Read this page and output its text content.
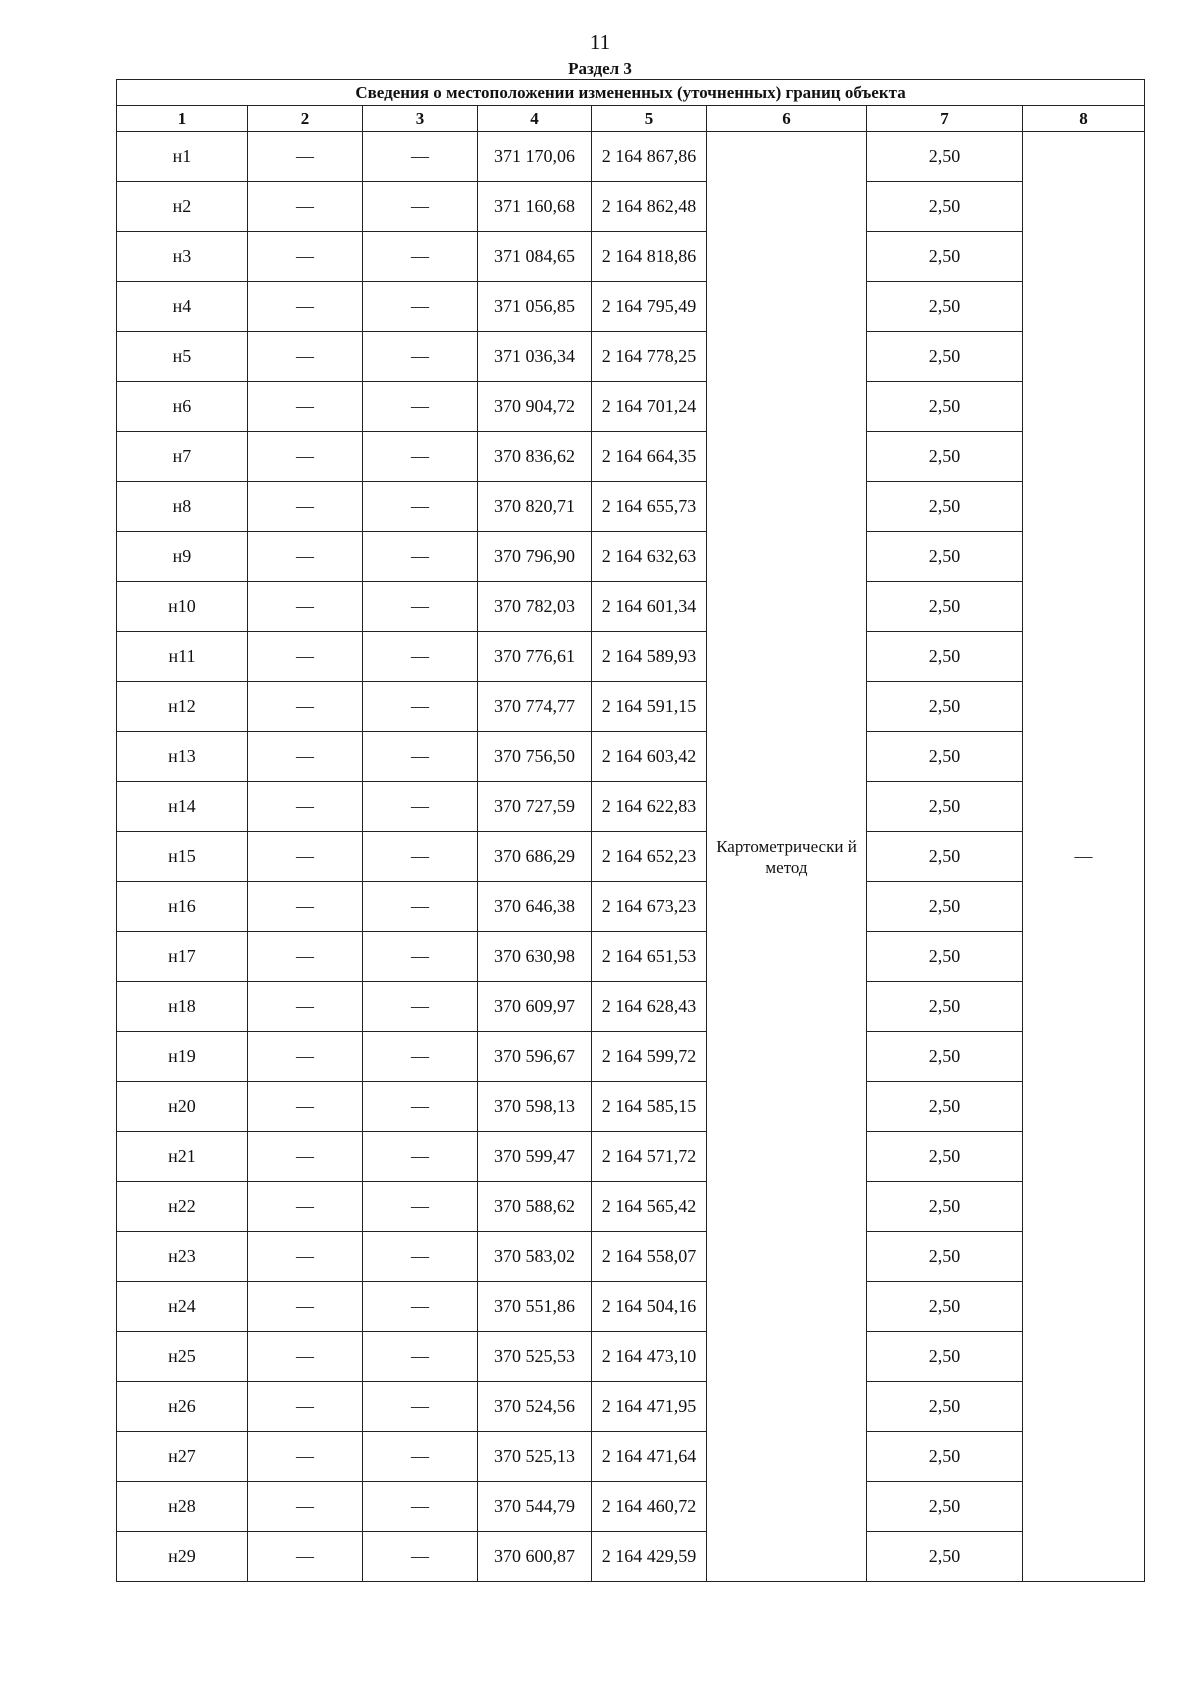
11
Раздел 3
Сведения о местоположении измененных (уточненных) границ объекта							
1	2	3	4	5	6	7	8
н1	—	—	371 170,06	2 164 867,86	Картометрически й метод	2,50	—
н2	—	—	371 160,68	2 164 862,48		2,50	
н3	—	—	371 084,65	2 164 818,86		2,50	
н4	—	—	371 056,85	2 164 795,49		2,50	
н5	—	—	371 036,34	2 164 778,25		2,50	
н6	—	—	370 904,72	2 164 701,24		2,50	
н7	—	—	370 836,62	2 164 664,35		2,50	
н8	—	—	370 820,71	2 164 655,73		2,50	
н9	—	—	370 796,90	2 164 632,63		2,50	
н10	—	—	370 782,03	2 164 601,34		2,50	
н11	—	—	370 776,61	2 164 589,93		2,50	
н12	—	—	370 774,77	2 164 591,15		2,50	
н13	—	—	370 756,50	2 164 603,42		2,50	
н14	—	—	370 727,59	2 164 622,83		2,50	
н15	—	—	370 686,29	2 164 652,23		2,50	
н16	—	—	370 646,38	2 164 673,23		2,50	
н17	—	—	370 630,98	2 164 651,53		2,50	
н18	—	—	370 609,97	2 164 628,43		2,50	
н19	—	—	370 596,67	2 164 599,72		2,50	
н20	—	—	370 598,13	2 164 585,15		2,50	
н21	—	—	370 599,47	2 164 571,72		2,50	
н22	—	—	370 588,62	2 164 565,42		2,50	
н23	—	—	370 583,02	2 164 558,07		2,50	
н24	—	—	370 551,86	2 164 504,16		2,50	
н25	—	—	370 525,53	2 164 473,10		2,50	
н26	—	—	370 524,56	2 164 471,95		2,50	
н27	—	—	370 525,13	2 164 471,64		2,50	
н28	—	—	370 544,79	2 164 460,72		2,50	
н29	—	—	370 600,87	2 164 429,59		2,50	
